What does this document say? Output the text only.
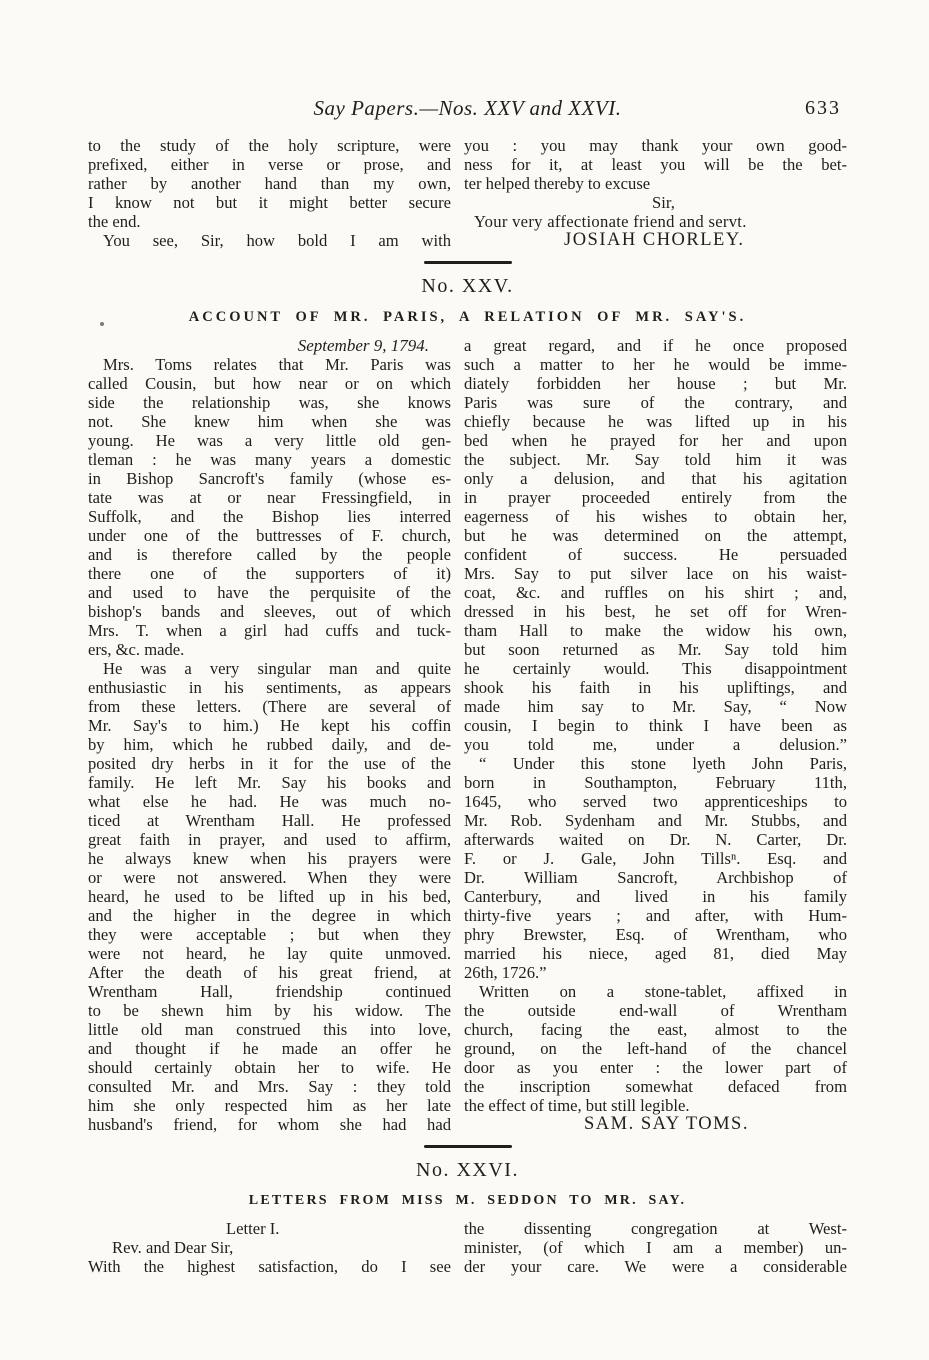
Say Papers.—Nos. XXV and XXVI.	633
to the study of the holy scripture, were
prefixed, either in verse or prose, and
rather by another hand than my own,
I know not but it might better secure
the end.
You see, Sir, how bold I am with
you : you may thank your own good-
ness for it, at least you will be the bet-
ter helped thereby to excuse
Sir,
Your very affectionate friend and servt.
JOSIAH CHORLEY.
No. XXV.
ACCOUNT OF MR. PARIS, A RELATION OF MR. SAY'S.
September 9, 1794.
Mrs. Toms relates that Mr. Paris was
called Cousin, but how near or on which
side the relationship was, she knows
not. She knew him when she was
young. He was a very little old gen-
tleman : he was many years a domestic
in Bishop Sancroft's family (whose es-
tate was at or near Fressingfield, in
Suffolk, and the Bishop lies interred
under one of the buttresses of F. church,
and is therefore called by the people
there one of the supporters of it)
and used to have the perquisite of the
bishop's bands and sleeves, out of which
Mrs. T. when a girl had cuffs and tuck-
ers, &c. made.
He was a very singular man and quite
enthusiastic in his sentiments, as appears
from these letters. (There are several of
Mr. Say's to him.) He kept his coffin
by him, which he rubbed daily, and de-
posited dry herbs in it for the use of the
family. He left Mr. Say his books and
what else he had. He was much no-
ticed at Wrentham Hall. He professed
great faith in prayer, and used to affirm,
he always knew when his prayers were
or were not answered. When they were
heard, he used to be lifted up in his bed,
and the higher in the degree in which
they were acceptable ; but when they
were not heard, he lay quite unmoved.
After the death of his great friend, at
Wrentham Hall, friendship continued
to be shewn him by his widow. The
little old man construed this into love,
and thought if he made an offer he
should certainly obtain her to wife. He
consulted Mr. and Mrs. Say : they told
him she only respected him as her late
husband's friend, for whom she had had
a great regard, and if he once proposed
such a matter to her he would be imme-
diately forbidden her house ; but Mr.
Paris was sure of the contrary, and
chiefly because he was lifted up in his
bed when he prayed for her and upon
the subject. Mr. Say told him it was
only a delusion, and that his agitation
in prayer proceeded entirely from the
eagerness of his wishes to obtain her,
but he was determined on the attempt,
confident of success. He persuaded
Mrs. Say to put silver lace on his waist-
coat, &c. and ruffles on his shirt ; and,
dressed in his best, he set off for Wren-
tham Hall to make the widow his own,
but soon returned as Mr. Say told him
he certainly would. This disappointment
shook his faith in his upliftings, and
made him say to Mr. Say, “ Now
cousin, I begin to think I have been as
you told me, under a delusion.”
“ Under this stone lyeth John Paris,
born in Southampton, February 11th,
1645, who served two apprenticeships to
Mr. Rob. Sydenham and Mr. Stubbs, and
afterwards waited on Dr. N. Carter, Dr.
F. or J. Gale, John Tillsⁿ. Esq. and
Dr. William Sancroft, Archbishop of
Canterbury, and lived in his family
thirty-five years ; and after, with Hum-
phry Brewster, Esq. of Wrentham, who
married his niece, aged 81, died May
26th, 1726.”
Written on a stone-tablet, affixed in
the outside end-wall of Wrentham
church, facing the east, almost to the
ground, on the left-hand of the chancel
door as you enter : the lower part of
the inscription somewhat defaced from
the effect of time, but still legible.
SAM. SAY TOMS.
No. XXVI.
LETTERS FROM MISS M. SEDDON TO MR. SAY.
Letter I.
Rev. and Dear Sir,
With the highest satisfaction, do I see
the dissenting congregation at West-
minister, (of which I am a member) un-
der your care. We were a considerable
